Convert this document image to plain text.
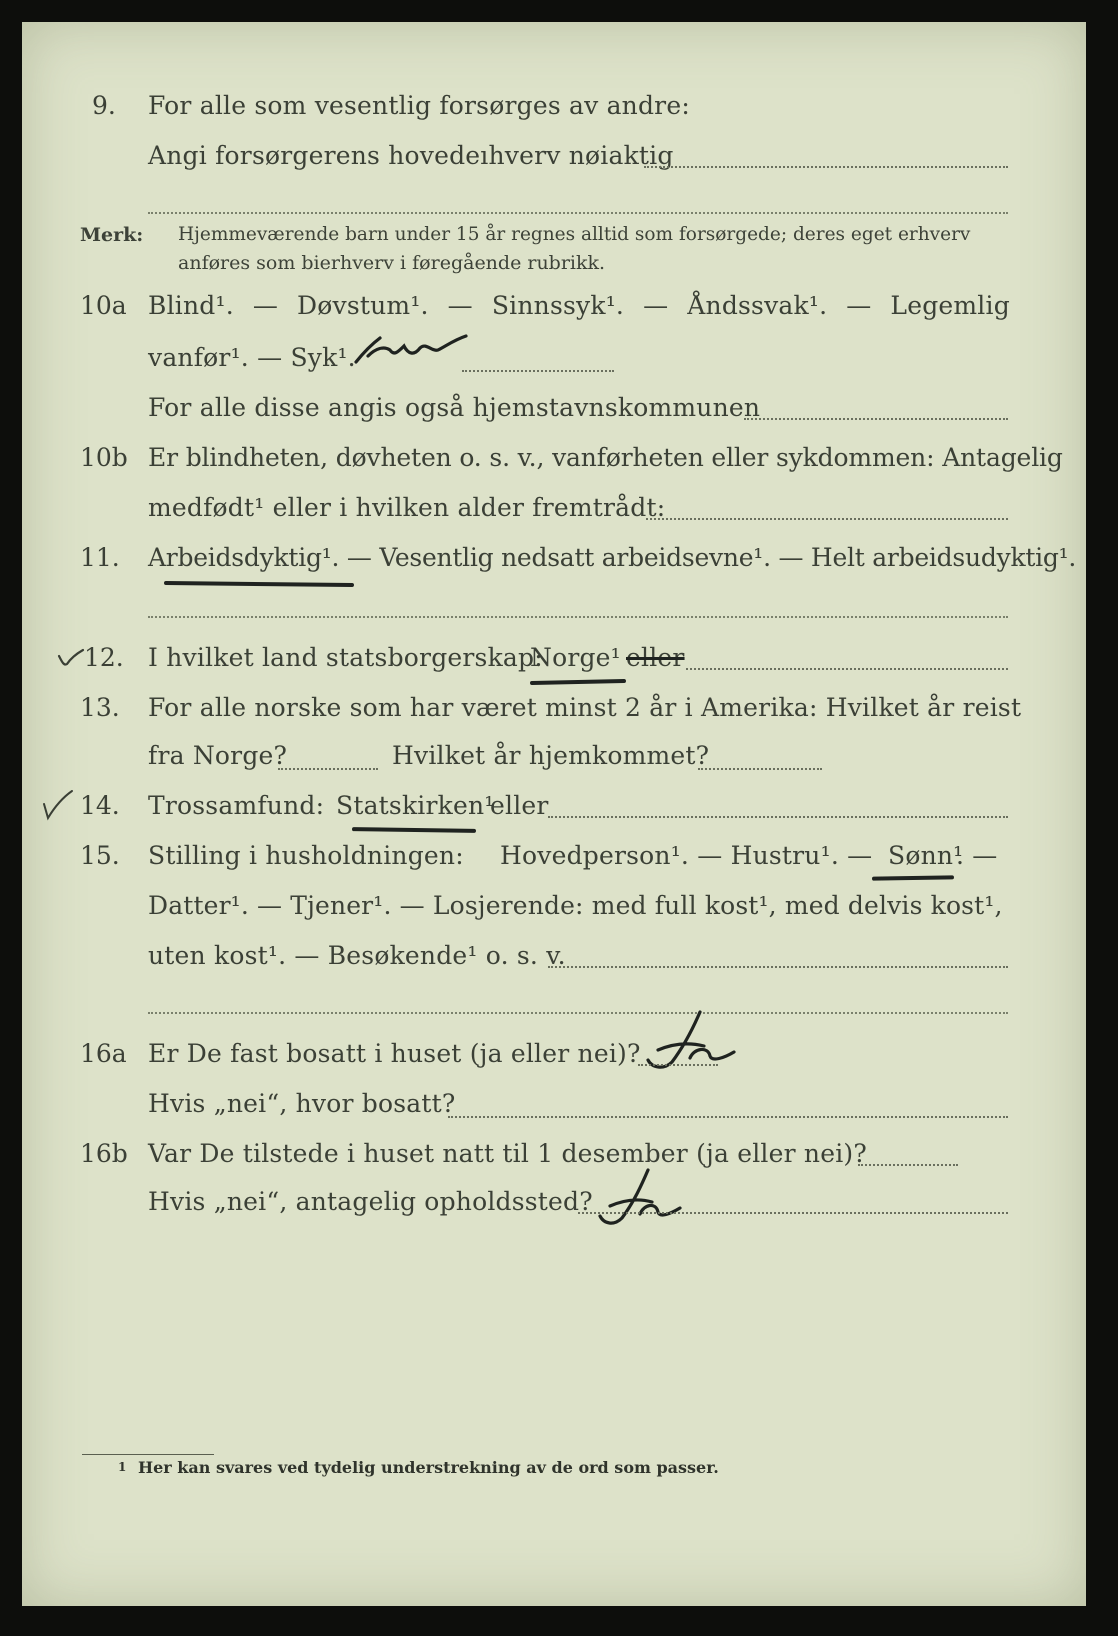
9. For alle som vesentlig forsørges av andre:
Angi forsørgerens hovedeıhverv nøiaktig
Merk: Hjemmeværende barn under 15 år regnes alltid som forsørgede; deres eget erhverv
anføres som bierhverv i føregående rubrikk.
10a Blind¹. — Døvstum¹. — Sinnssyk¹. — Åndssvak¹. — Legemlig
vanfør¹. — Syk¹.
nei
For alle disse angis også hjemstavnskommunen
10b Er blindheten, døvheten o. s. v., vanførheten eller sykdommen: Antagelig
medfødt¹ eller i hvilken alder fremtrådt:
11. Arbeidsdyktig¹. — Vesentlig nedsatt arbeidsevne¹. — Helt arbeidsudyktig¹.
12. I hvilket land statsborgerskap:
Norge¹ eller
13. For alle norske som har været minst 2 år i Amerika: Hvilket år reist
fra Norge?	Hvilket år hjemkommet?
14. Trossamfund: Statskirken¹
eller
15. Stilling i husholdningen: Hovedperson¹. — Hustru¹. — Sønn¹
. —
Datter¹. — Tjener¹. — Losjerende: med full kost¹, med delvis kost¹,
uten kost¹. — Besøkende¹ o. s. v.
16a Er De fast bosatt i huset (ja eller nei)?
Ja
Hvis „nei“, hvor bosatt?
16b Var De tilstede i huset natt til 1 desember (ja eller nei)?
Hvis „nei“, antagelig opholdssted?
Ja
1 Her kan svares ved tydelig understrekning av de ord som passer.
